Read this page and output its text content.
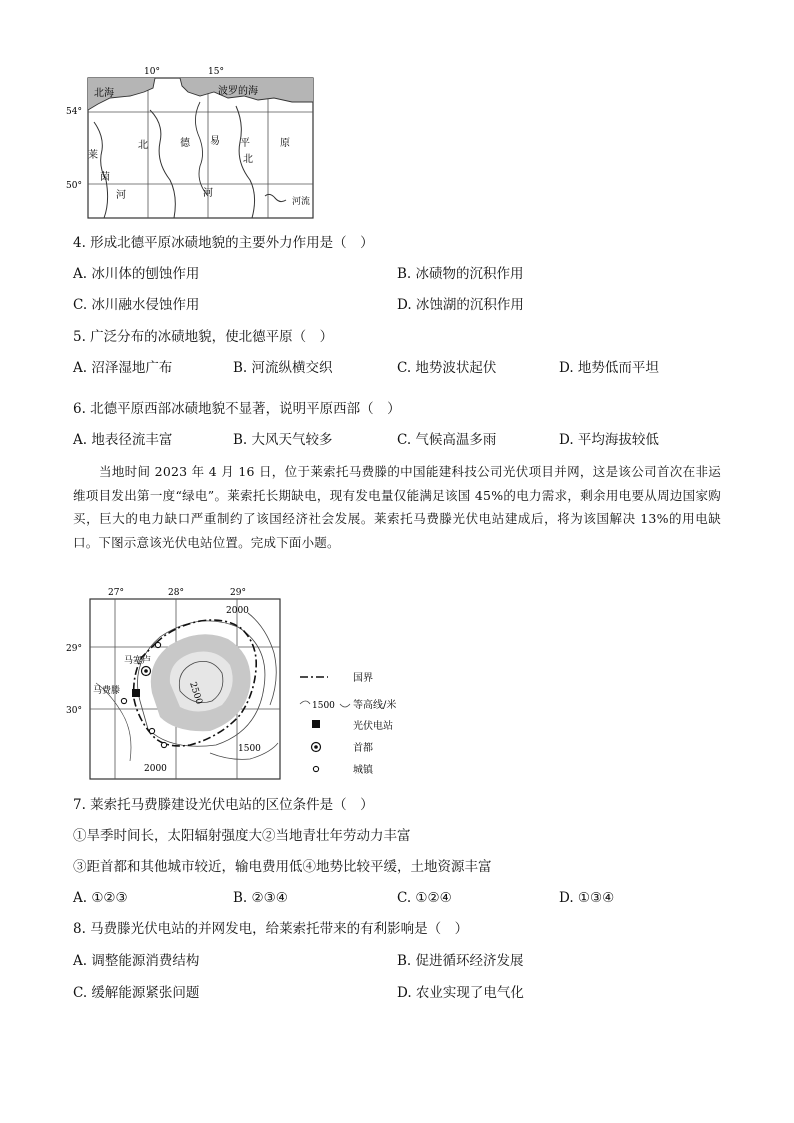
10°	15°
54°
50°
北海	波罗的海
北	德 易 平
北
原
莱
茵
河	河
河流
4. 形成北德平原冰碛地貌的主要外力作用是（　）
A. 冰川体的刨蚀作用	B. 冰碛物的沉积作用
C. 冰川融水侵蚀作用	D. 冰蚀湖的沉积作用
5. 广泛分布的冰碛地貌，使北德平原（　）
A. 沼泽湿地广布	B. 河流纵横交织	C. 地势波状起伏	D. 地势低而平坦
6. 北德平原西部冰碛地貌不显著，说明平原西部（　）
A. 地表径流丰富	B. 大风天气较多	C. 气候高温多雨	D. 平均海拔较低
当地时间 2023 年 4 月 16 日，位于莱索托马费滕的中国能建科技公司光伏项目并网，这是该公司首次在非运维项目发出第一度“绿电”。莱索托长期缺电，现有发电量仅能满足该国 45%的电力需求，剩余用电要从周边国家购买，巨大的电力缺口严重制约了该国经济社会发展。莱索托马费滕光伏电站建成后，将为该国解决 13%的用电缺口。下图示意该光伏电站位置。完成下面小题。
27°	28°	29°
29°
30°
2000
2500
1500
2000
马塞卢
马费滕
国界
1500 等高线/米
光伏电站
首都
城镇
7. 莱索托马费滕建设光伏电站的区位条件是（　）
①旱季时间长，太阳辐射强度大②当地青壮年劳动力丰富
③距首都和其他城市较近，输电费用低④地势比较平缓，土地资源丰富
A. ①②③	B. ②③④	C. ①②④	D. ①③④
8. 马费滕光伏电站的并网发电，给莱索托带来的有利影响是（　）
A. 调整能源消费结构	B. 促进循环经济发展
C. 缓解能源紧张问题	D. 农业实现了电气化
